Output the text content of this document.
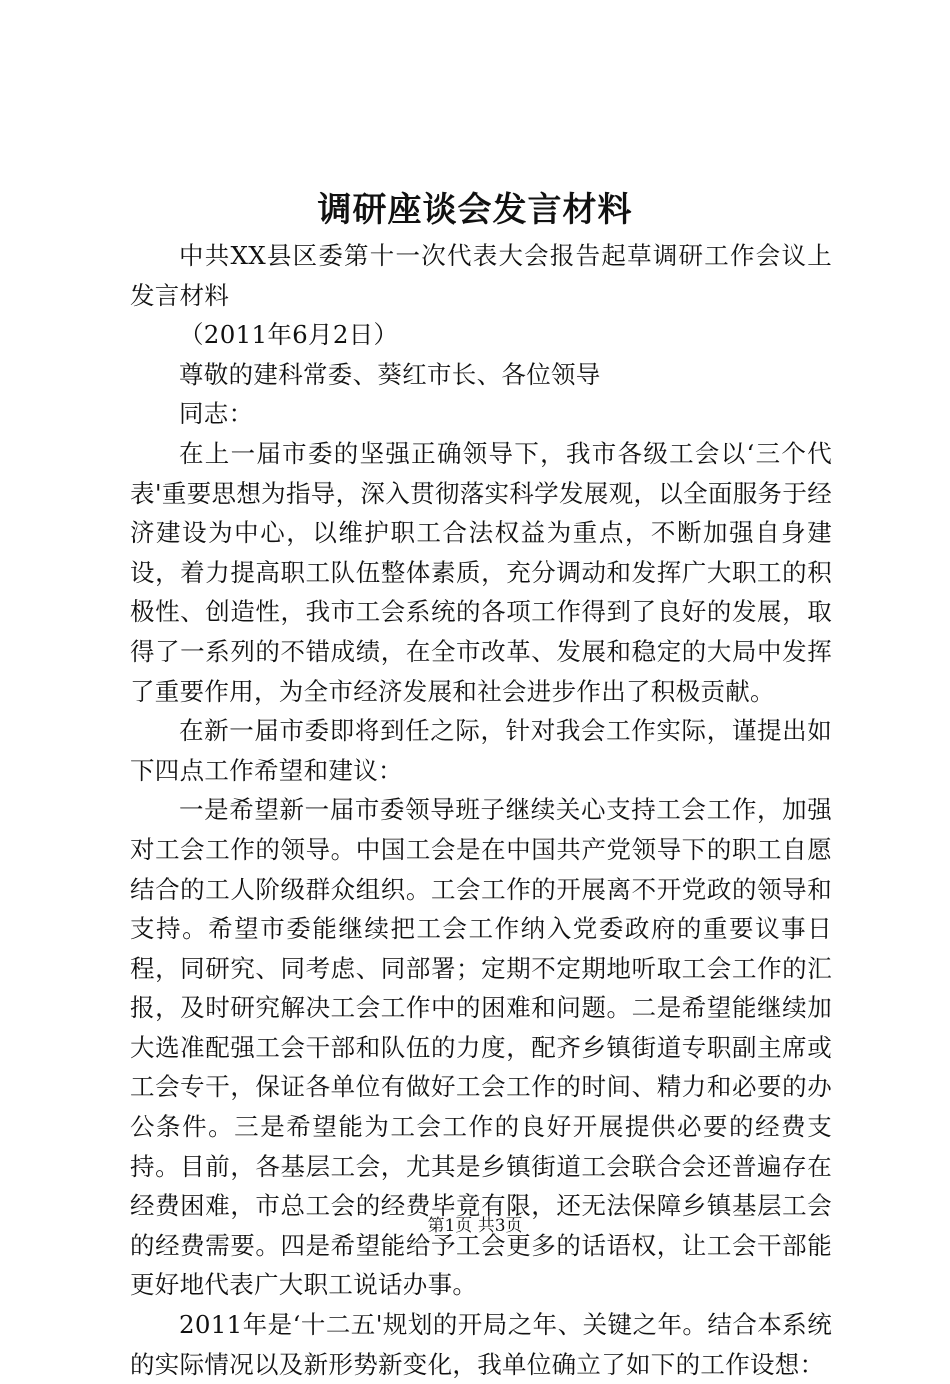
调研座谈会发言材料

中共XX县区委第十一次代表大会报告起草调研工作会议上发言材料

（2011年6月2日）

尊敬的建科常委、葵红市长、各位领导

同志：

在上一届市委的坚强正确领导下，我市各级工会以‘三个代表'重要思想为指导，深入贯彻落实科学发展观，以全面服务于经济建设为中心，以维护职工合法权益为重点，不断加强自身建设，着力提高职工队伍整体素质，充分调动和发挥广大职工的积极性、创造性，我市工会系统的各项工作得到了良好的发展，取得了一系列的不错成绩，在全市改革、发展和稳定的大局中发挥了重要作用，为全市经济发展和社会进步作出了积极贡献。

在新一届市委即将到任之际，针对我会工作实际，谨提出如下四点工作希望和建议：

一是希望新一届市委领导班子继续关心支持工会工作，加强对工会工作的领导。中国工会是在中国共产党领导下的职工自愿结合的工人阶级群众组织。工会工作的开展离不开党政的领导和支持。希望市委能继续把工会工作纳入党委政府的重要议事日程，同研究、同考虑、同部署；定期不定期地听取工会工作的汇报，及时研究解决工会工作中的困难和问题。二是希望能继续加大选准配强工会干部和队伍的力度，配齐乡镇街道专职副主席或工会专干，保证各单位有做好工会工作的时间、精力和必要的办公条件。三是希望能为工会工作的良好开展提供必要的经费支持。目前，各基层工会，尤其是乡镇街道工会联合会还普遍存在经费困难，市总工会的经费毕竟有限，还无法保障乡镇基层工会的经费需要。四是希望能给予工会更多的话语权，让工会干部能更好地代表广大职工说话办事。

2011年是‘十二五'规划的开局之年、关键之年。结合本系统的实际情况以及新形势新变化，我单位确立了如下的工作设想：

第1页 共3页
